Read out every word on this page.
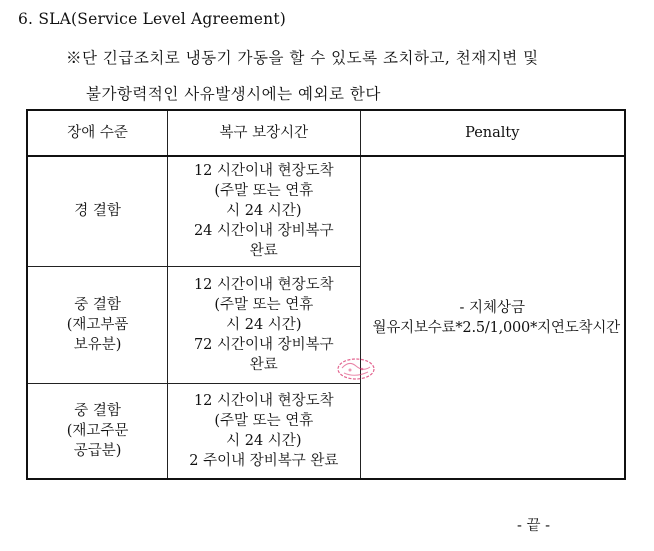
6. SLA(Service Level Agreement)
※단 긴급조치로 냉동기 가동을 할 수 있도록 조치하고, 천재지변 및
불가항력적인 사유발생시에는 예외로 한다
장애 수준	복구 보장시간	Penalty

경 결함	12 시간이내 현장도착
(주말 또는 연휴
시 24 시간)
24 시간이내 장비복구
완료	- 지체상금
월유지보수료*2.5/1,000*지연도착시간

중 결함
(재고부품
보유분)	12 시간이내 현장도착
(주말 또는 연휴
시 24 시간)
72 시간이내 장비복구
완료	

중 결함
(재고주문
공급분)	12 시간이내 현장도착
(주말 또는 연휴
시 24 시간)
2 주이내 장비복구 완료	
- 끝 -
